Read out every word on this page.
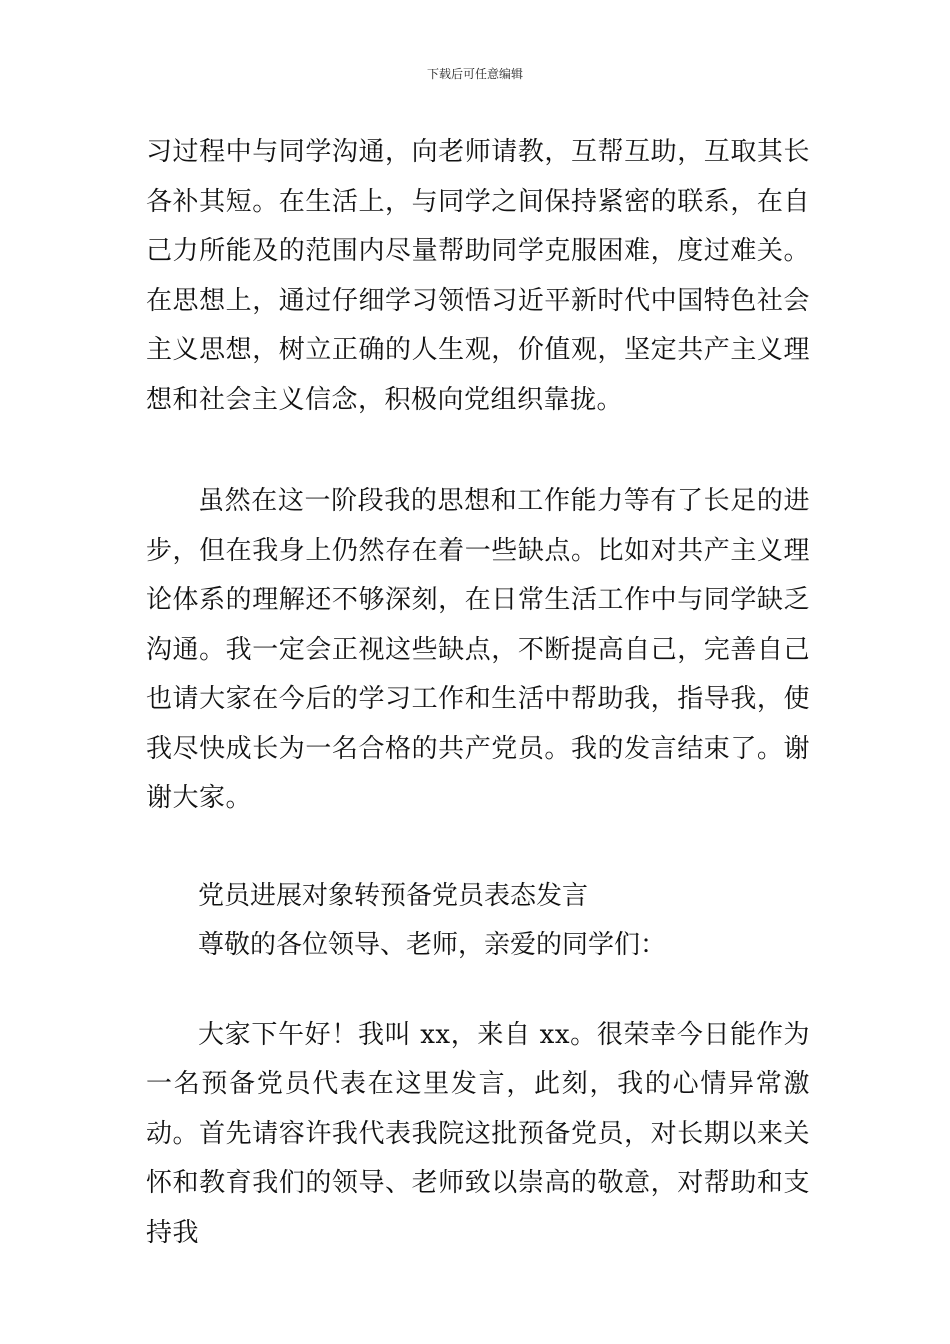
下载后可任意编辑

习过程中与同学沟通，向老师请教，互帮互助，互取其长各补其短。在生活上，与同学之间保持紧密的联系，在自己力所能及的范围内尽量帮助同学克服困难，度过难关。在思想上，通过仔细学习领悟习近平新时代中国特色社会主义思想，树立正确的人生观，价值观，坚定共产主义理想和社会主义信念，积极向党组织靠拢。

虽然在这一阶段我的思想和工作能力等有了长足的进步，但在我身上仍然存在着一些缺点。比如对共产主义理论体系的理解还不够深刻，在日常生活工作中与同学缺乏沟通。我一定会正视这些缺点，不断提高自己，完善自己也请大家在今后的学习工作和生活中帮助我，指导我，使我尽快成长为一名合格的共产党员。我的发言结束了。谢谢大家。

党员进展对象转预备党员表态发言

尊敬的各位领导、老师，亲爱的同学们：

大家下午好！我叫 xx，来自 xx。很荣幸今日能作为一名预备党员代表在这里发言，此刻，我的心情异常激动。首先请容许我代表我院这批预备党员，对长期以来关怀和教育我们的领导、老师致以崇高的敬意，对帮助和支持我
